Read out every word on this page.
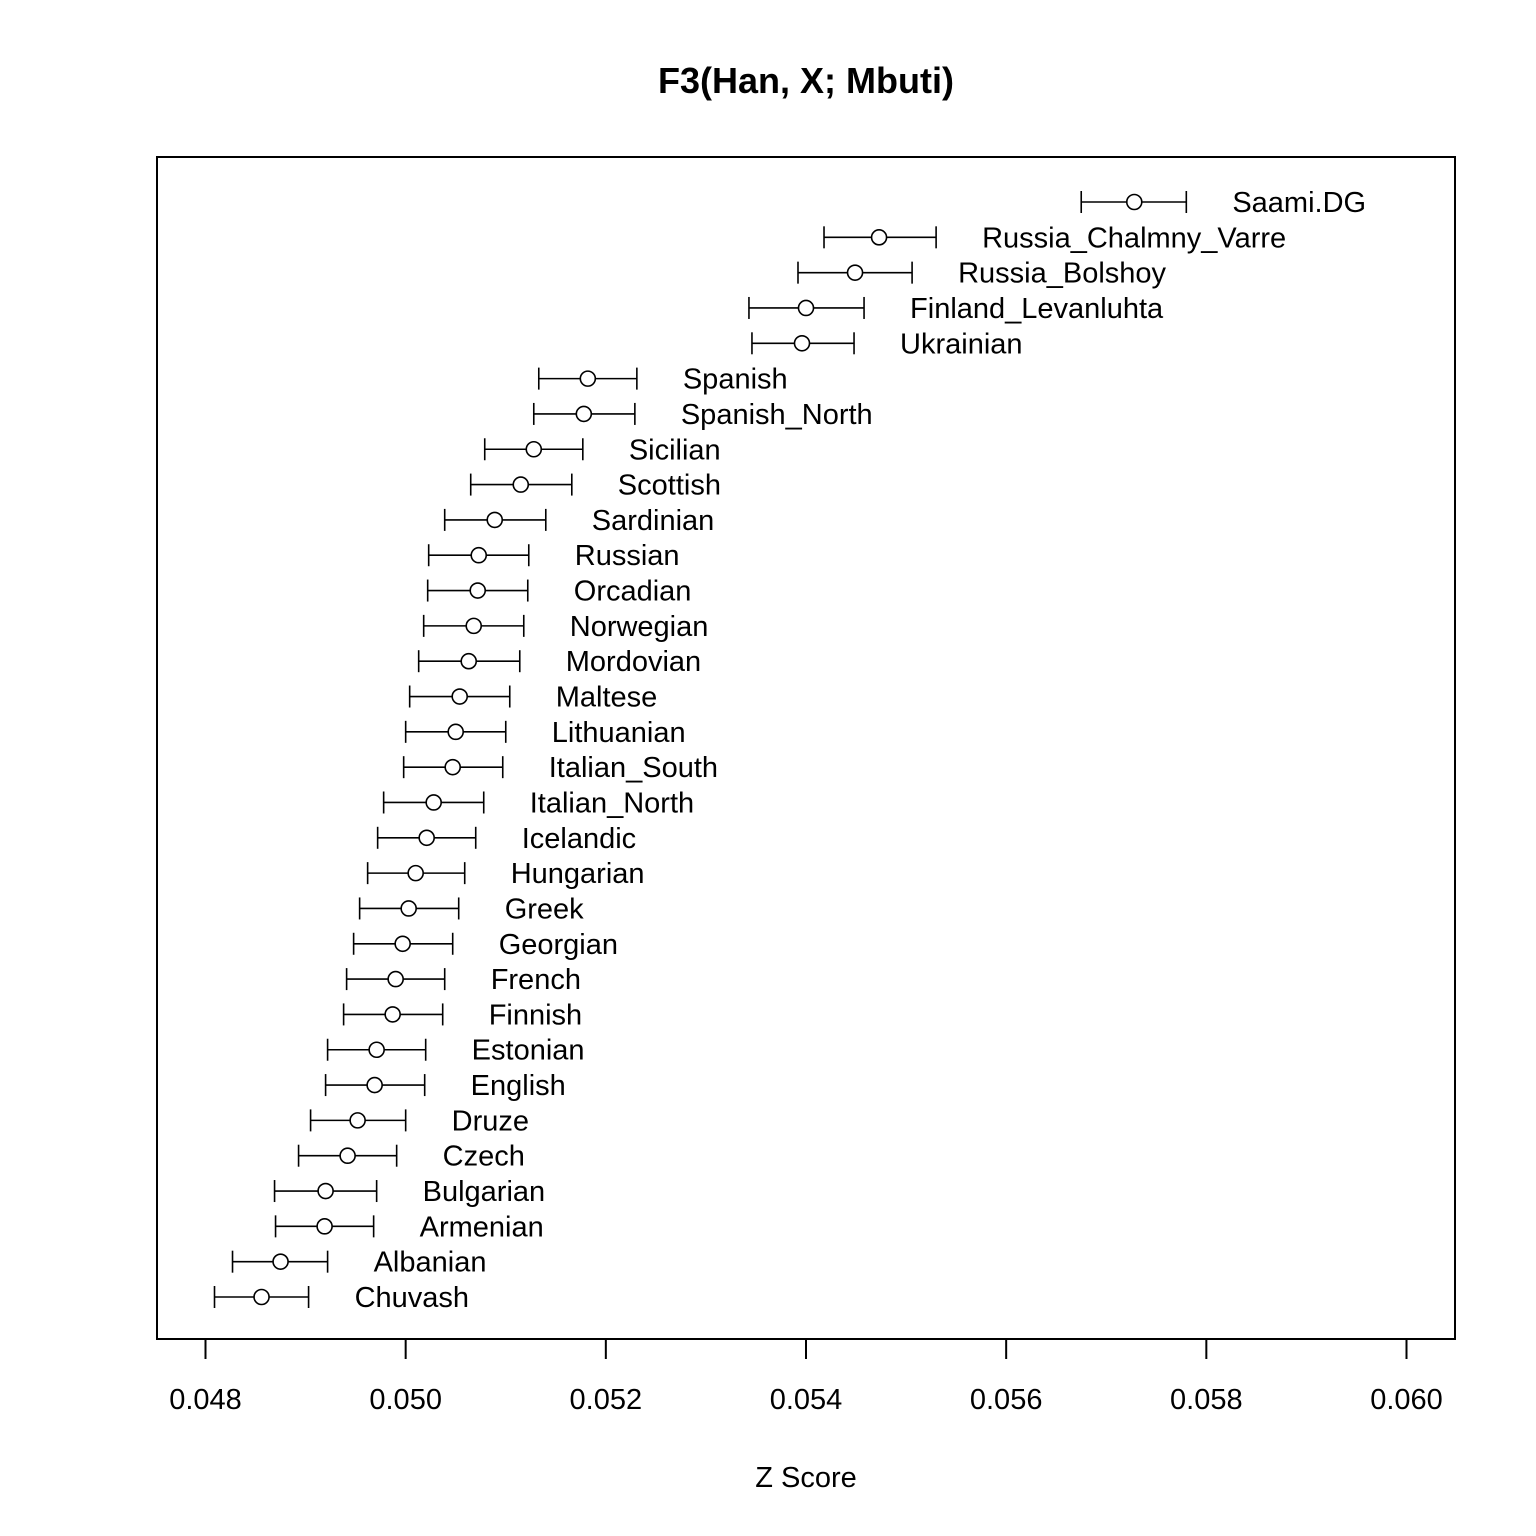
F3(Han, X; Mbuti)
0.048	0.050	0.052	0.054	0.056	0.058	0.060
Saami.DG
Russia_Chalmny_Varre
Russia_Bolshoy
Finland_Levanluhta
Ukrainian
Spanish
Spanish_North
Sicilian
Scottish
Sardinian
Russian
Orcadian
Norwegian
Mordovian
Maltese
Lithuanian
Italian_South
Italian_North
Icelandic
Hungarian
Greek
Georgian
French
Finnish
Estonian
English
Druze
Czech
Bulgarian
Armenian
Albanian
Chuvash
Z Score
